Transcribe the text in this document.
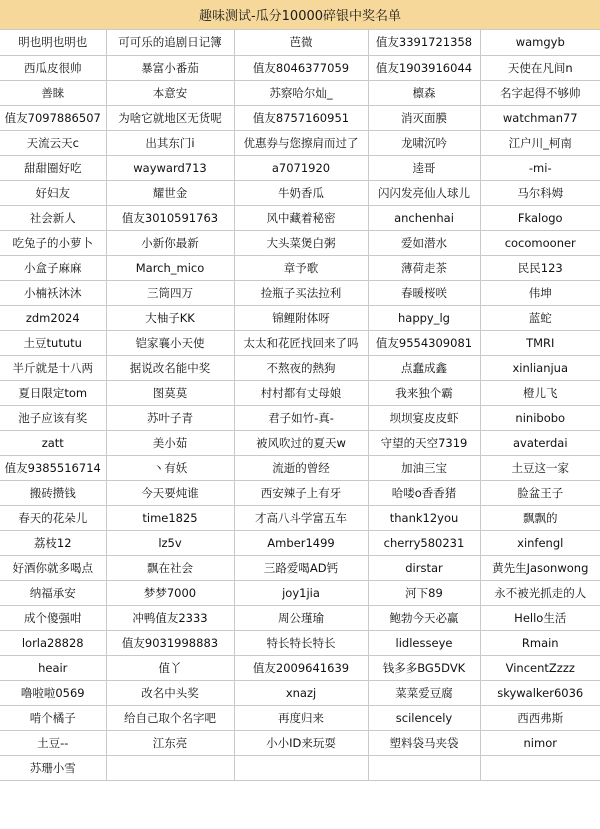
趣味测试-瓜分10000碎银中奖名单
明也明也明也	可可乐的追剧日记簿	芭微	值友3391721358	wamgyb
西瓜皮很帅	暴富小番茄	值友8046377059	值友1903916044	天使在凡间n
善睐	本意安	苏察哈尔灿_	檩森	名字起得不够帅
值友7097886507	为啥它就地区无货呢	值友8757160951	消灭面膜	watchman77
天流云天c	出其东门i	优惠券与您擦肩而过了	龙啸沉吟	江户川_柯南
甜甜圈好吃	wayward713	a7071920	逵哥	-mi-
好妇友	耀世金	牛奶香瓜	闪闪发亮仙人球儿	马尔科姆
社会新人	值友3010591763	风中藏着秘密	anchenhai	Fkalogo
吃兔子的小萝卜	小新你最新	大头菜煲白粥	爱如潜水	cocomooner
小盒子麻麻	March_mico	章予歌	薄荷走茶	民民123
小楠袄沐沐	三筒四万	捡瓶子买法拉利	春暖桜咲	伟坤
zdm2024	大柚子KK	锦鲤附体呀	happy_lg	蓝蛇
土豆tututu	铠家襄小天使	太太和花匠找回来了吗	值友9554309081	TMRI
半斤就是十八两	据说改名能中奖	不熬夜的熱狗	点蠢成鑫	xinlianjua
夏日限定tom	图莫莫	村村都有丈母娘	我来独个霸	橙儿飞
池子应该有奖	苏叶子青	君子如竹-真-	坝坝宴皮皮虾	ninibobo
zatt	美小茹	被风吹过的夏天w	守望的天空7319	avaterdai
值友9385516714	丶有妖	流逝的曾经	加油三宝	土豆这一家
搬砖攒钱	今天要炖谁	西安辣子上有牙	哈喽o香香猪	脸盆王子
春天的花朵儿	time1825	才高八斗学富五车	thank12you	飘飘的
荔枝12	lz5v	Amber1499	cherry580231	xinfengl
好酒你就多喝点	飘在社会	三路爱喝AD钙	dirstar	黄先生Jasonwong
纳福承安	梦梦7000	joy1jia	河下89	永不被光抓走的人
成个傻强咁	冲鸭值友2333	周公瑾瑜	鲍勃今天必赢	Hello生活
lorla28828	值友9031998883	特长特长特长	lidlesseye	Rmain
heair	值丫	值友2009641639	钱多多BG5DVK	VincentZzzz
噜啦啦0569	改名中头奖	xnazj	菜菜爱豆腐	skywalker6036
啃个橘子	给自己取个名字吧	再度归来	scilencely	西西弗斯
土豆--	江东亮	小小ID来玩耍	塑料袋马夹袋	nimor
苏珊小雪				
